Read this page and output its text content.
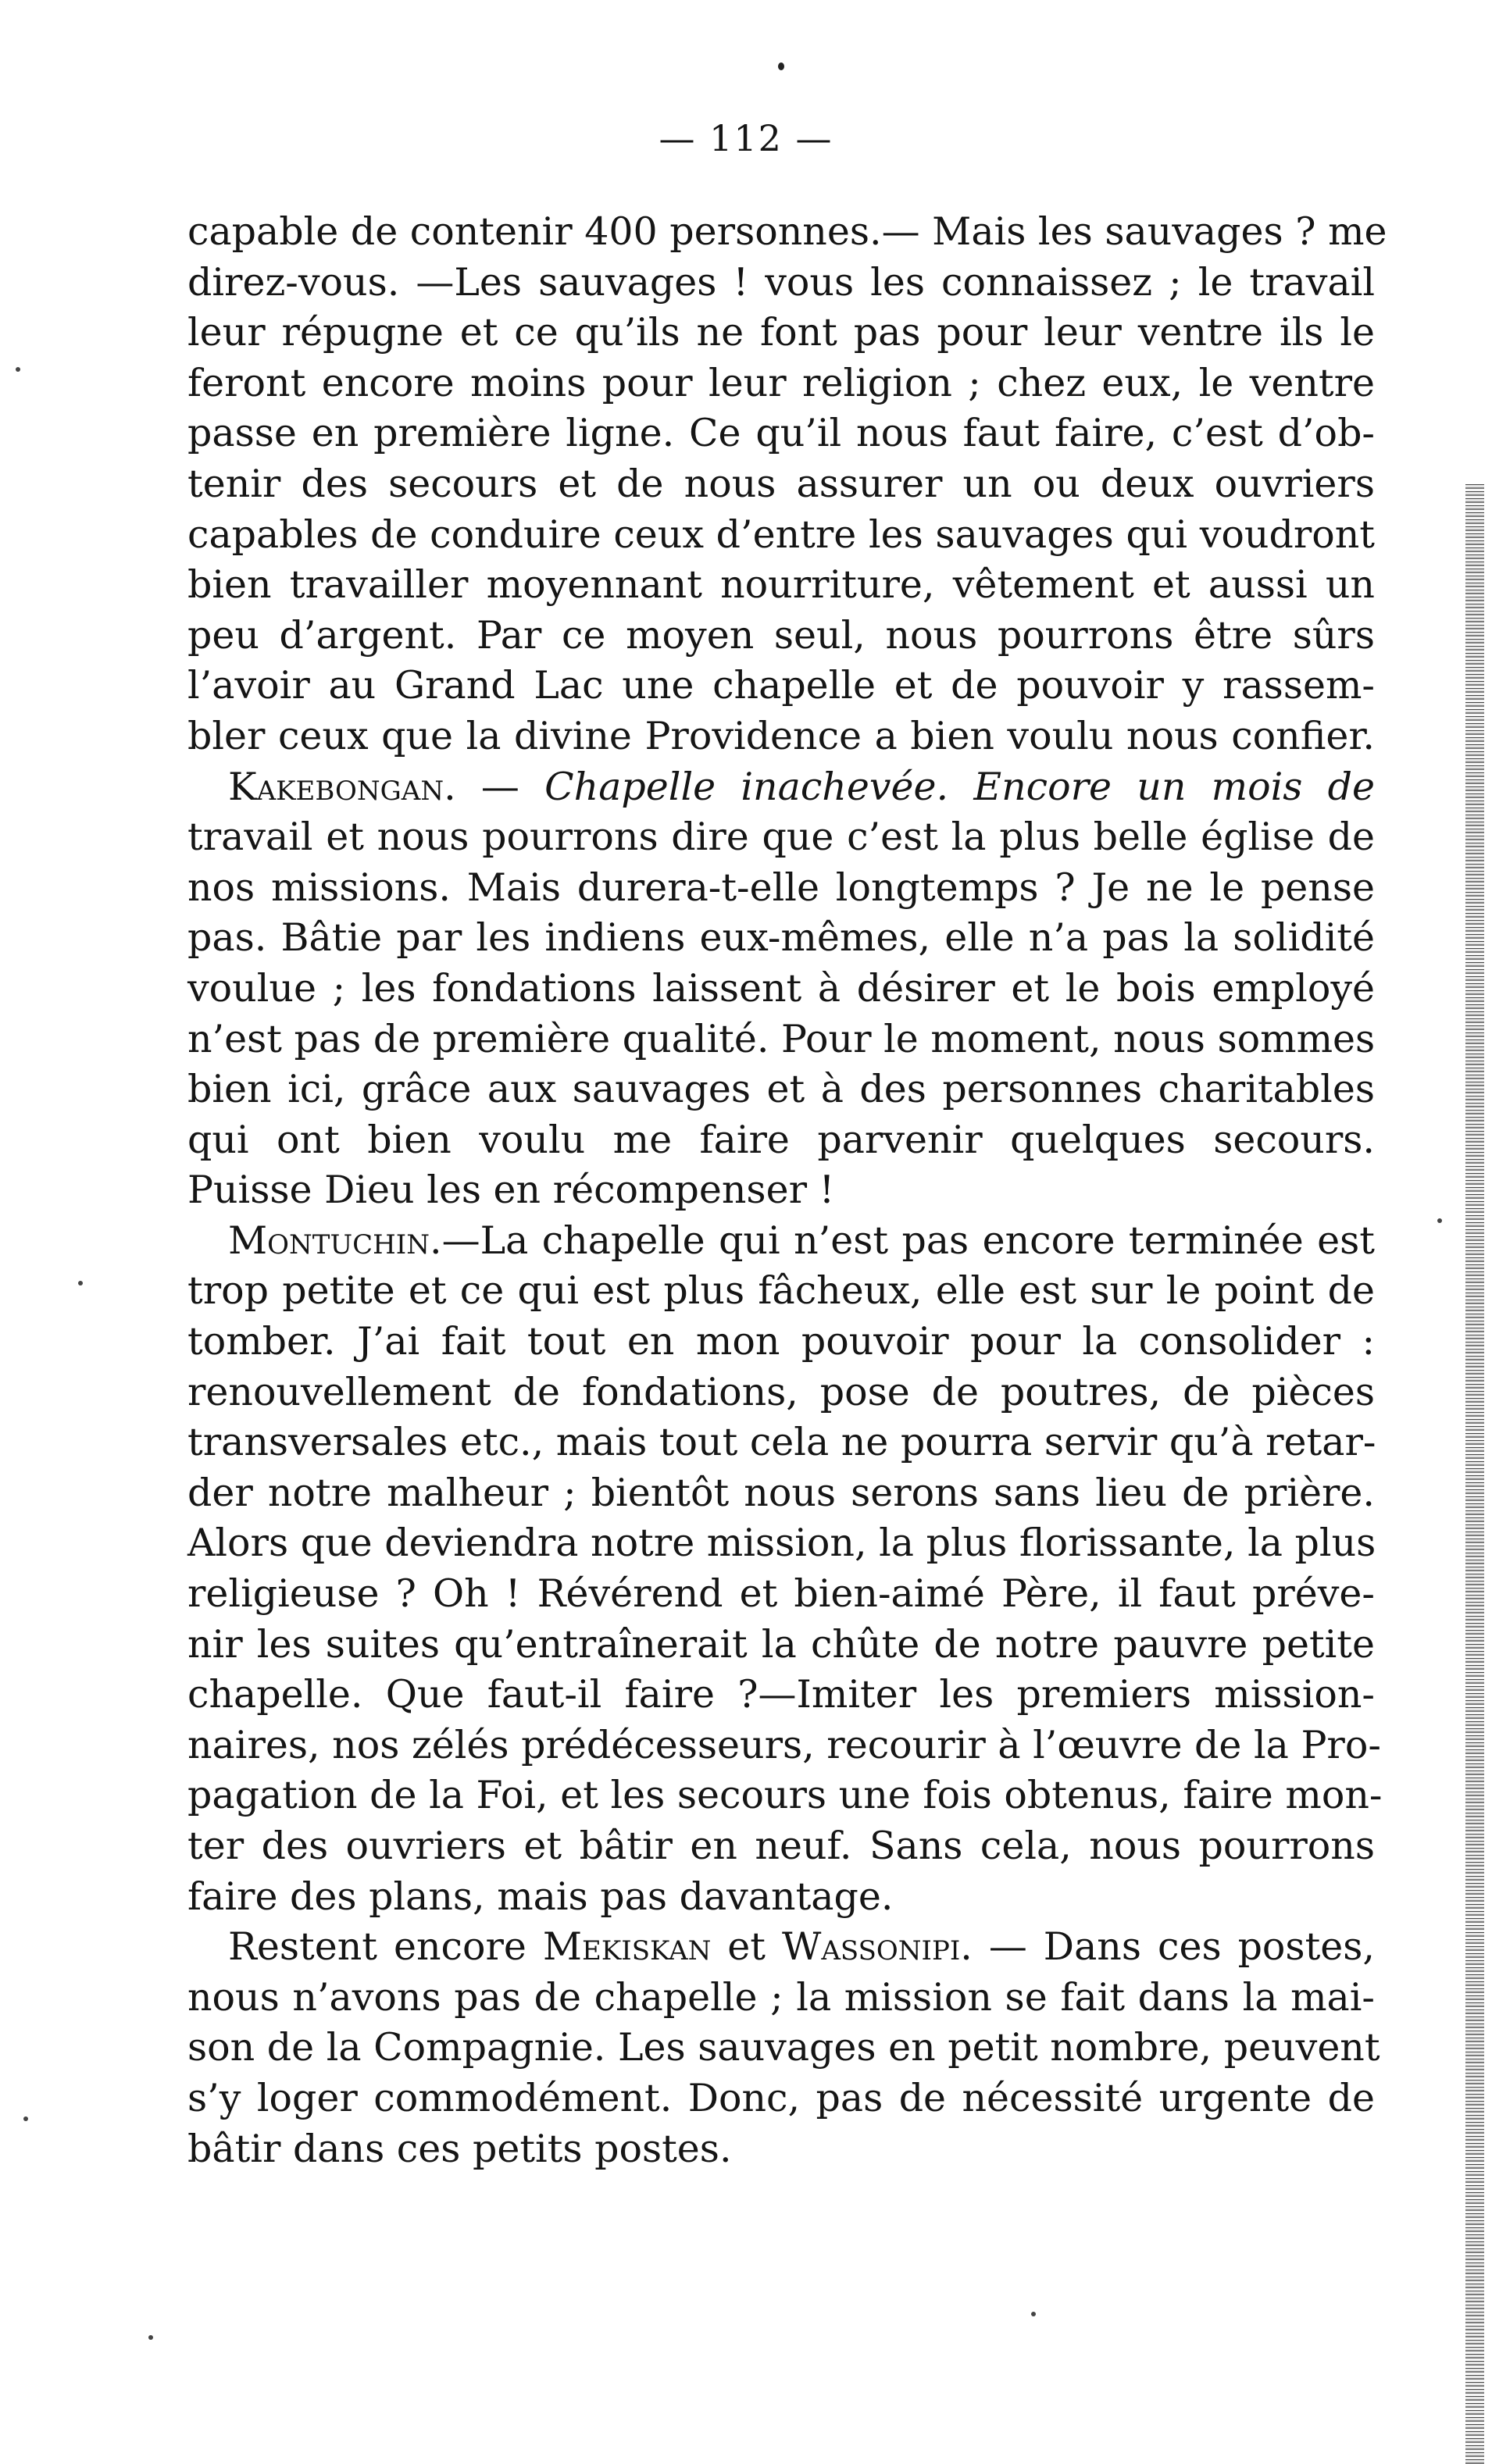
— 112 —
capable de contenir 400 personnes.— Mais les sauvages ? me
direz-vous. —Les sauvages ! vous les connaissez ; le travail
leur répugne et ce qu’ils ne font pas pour leur ventre ils le
feront encore moins pour leur religion ; chez eux, le ventre
passe en première ligne. Ce qu’il nous faut faire, c’est d’ob-
tenir des secours et de nous assurer un ou deux ouvriers
capables de conduire ceux d’entre les sauvages qui voudront
bien travailler moyennant nourriture, vêtement et aussi un
peu d’argent. Par ce moyen seul, nous pourrons être sûrs
l’avoir au Grand Lac une chapelle et de pouvoir y rassem-
bler ceux que la divine Providence a bien voulu nous confier.
Kakebongan. — Chapelle inachevée. Encore un mois de
travail et nous pourrons dire que c’est la plus belle église de
nos missions. Mais durera-t-elle longtemps ? Je ne le pense
pas. Bâtie par les indiens eux-mêmes, elle n’a pas la solidité
voulue ; les fondations laissent à désirer et le bois employé
n’est pas de première qualité. Pour le moment, nous sommes
bien ici, grâce aux sauvages et à des personnes charitables
qui ont bien voulu me faire parvenir quelques secours.
Puisse Dieu les en récompenser !
Montuchin.—La chapelle qui n’est pas encore terminée est
trop petite et ce qui est plus fâcheux, elle est sur le point de
tomber. J’ai fait tout en mon pouvoir pour la consolider :
renouvellement de fondations, pose de poutres, de pièces
transversales etc., mais tout cela ne pourra servir qu’à retar-
der notre malheur ; bientôt nous serons sans lieu de prière.
Alors que deviendra notre mission, la plus florissante, la plus
religieuse ? Oh ! Révérend et bien-aimé Père, il faut préve-
nir les suites qu’entraînerait la chûte de notre pauvre petite
chapelle. Que faut-il faire ?—Imiter les premiers mission-
naires, nos zélés prédécesseurs, recourir à l’œuvre de la Pro-
pagation de la Foi, et les secours une fois obtenus, faire mon-
ter des ouvriers et bâtir en neuf. Sans cela, nous pourrons
faire des plans, mais pas davantage.
Restent encore Mekiskan et Wassonipi. — Dans ces postes,
nous n’avons pas de chapelle ; la mission se fait dans la mai-
son de la Compagnie. Les sauvages en petit nombre, peuvent
s’y loger commodément. Donc, pas de nécessité urgente de
bâtir dans ces petits postes.
